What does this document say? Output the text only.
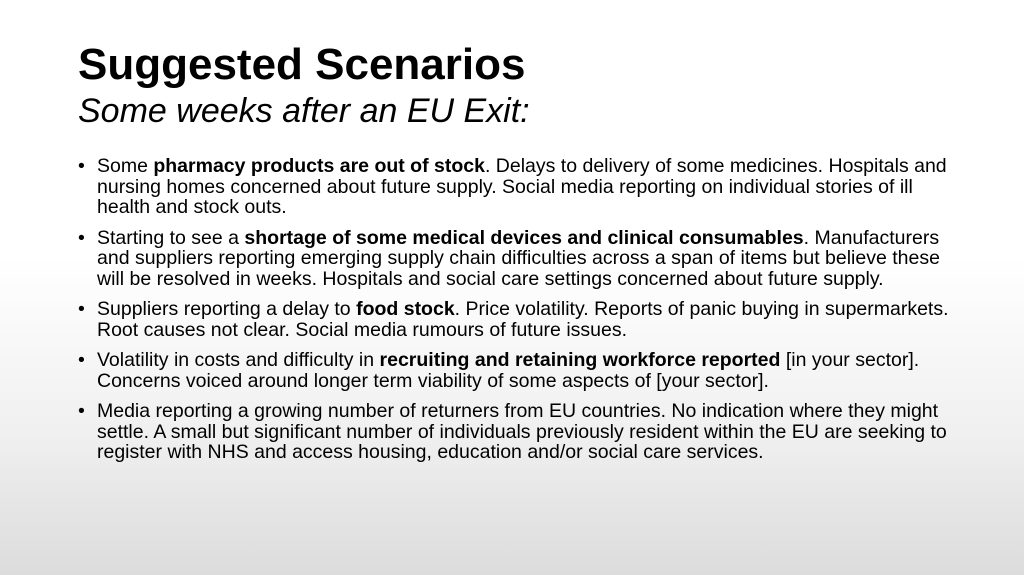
Suggested Scenarios
Some weeks after an EU Exit:
• Some pharmacy products are out of stock. Delays to delivery of some medicines. Hospitals and nursing homes concerned about future supply. Social media reporting on individual stories of ill health and stock outs.
• Starting to see a shortage of some medical devices and clinical consumables. Manufacturers and suppliers reporting emerging supply chain difficulties across a span of items but believe these will be resolved in weeks. Hospitals and social care settings concerned about future supply.
• Suppliers reporting a delay to food stock. Price volatility. Reports of panic buying in supermarkets. Root causes not clear. Social media rumours of future issues.
• Volatility in costs and difficulty in recruiting and retaining workforce reported [in your sector]. Concerns voiced around longer term viability of some aspects of [your sector].
• Media reporting a growing number of returners from EU countries. No indication where they might settle. A small but significant number of individuals previously resident within the EU are seeking to register with NHS and access housing, education and/or social care services.
